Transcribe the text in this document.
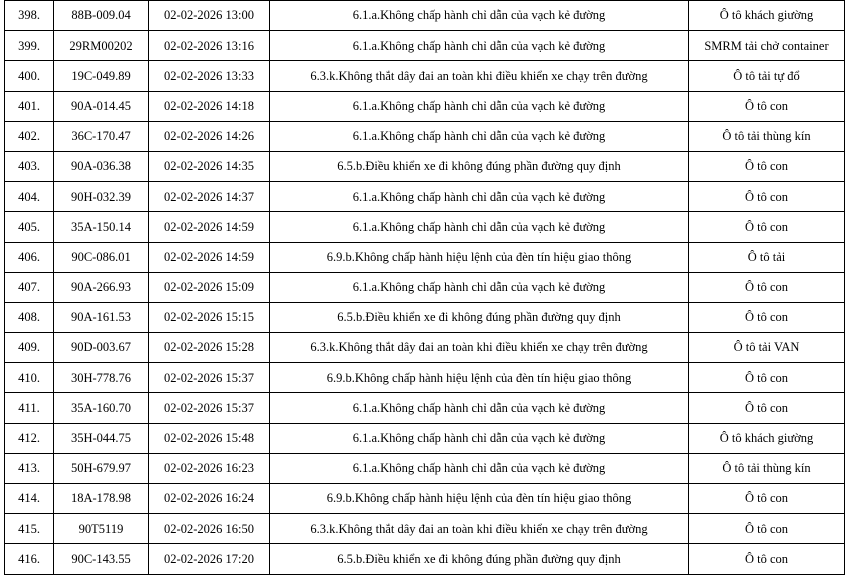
398.	88B-009.04	02-02-2026 13:00	6.1.a.Không chấp hành chỉ dẫn của vạch kẻ đường	Ô tô khách giường
399.	29RM00202	02-02-2026 13:16	6.1.a.Không chấp hành chỉ dẫn của vạch kẻ đường	SMRM tải chở container
400.	19C-049.89	02-02-2026 13:33	6.3.k.Không thắt dây đai an toàn khi điều khiển xe chạy trên đường	Ô tô tải tự đổ
401.	90A-014.45	02-02-2026 14:18	6.1.a.Không chấp hành chỉ dẫn của vạch kẻ đường	Ô tô con
402.	36C-170.47	02-02-2026 14:26	6.1.a.Không chấp hành chỉ dẫn của vạch kẻ đường	Ô tô tải thùng kín
403.	90A-036.38	02-02-2026 14:35	6.5.b.Điều khiển xe đi không đúng phần đường quy định	Ô tô con
404.	90H-032.39	02-02-2026 14:37	6.1.a.Không chấp hành chỉ dẫn của vạch kẻ đường	Ô tô con
405.	35A-150.14	02-02-2026 14:59	6.1.a.Không chấp hành chỉ dẫn của vạch kẻ đường	Ô tô con
406.	90C-086.01	02-02-2026 14:59	6.9.b.Không chấp hành hiệu lệnh của đèn tín hiệu giao thông	Ô tô tải
407.	90A-266.93	02-02-2026 15:09	6.1.a.Không chấp hành chỉ dẫn của vạch kẻ đường	Ô tô con
408.	90A-161.53	02-02-2026 15:15	6.5.b.Điều khiển xe đi không đúng phần đường quy định	Ô tô con
409.	90D-003.67	02-02-2026 15:28	6.3.k.Không thắt dây đai an toàn khi điều khiển xe chạy trên đường	Ô tô tải VAN
410.	30H-778.76	02-02-2026 15:37	6.9.b.Không chấp hành hiệu lệnh của đèn tín hiệu giao thông	Ô tô con
411.	35A-160.70	02-02-2026 15:37	6.1.a.Không chấp hành chỉ dẫn của vạch kẻ đường	Ô tô con
412.	35H-044.75	02-02-2026 15:48	6.1.a.Không chấp hành chỉ dẫn của vạch kẻ đường	Ô tô khách giường
413.	50H-679.97	02-02-2026 16:23	6.1.a.Không chấp hành chỉ dẫn của vạch kẻ đường	Ô tô tải thùng kín
414.	18A-178.98	02-02-2026 16:24	6.9.b.Không chấp hành hiệu lệnh của đèn tín hiệu giao thông	Ô tô con
415.	90T5119	02-02-2026 16:50	6.3.k.Không thắt dây đai an toàn khi điều khiển xe chạy trên đường	Ô tô con
416.	90C-143.55	02-02-2026 17:20	6.5.b.Điều khiển xe đi không đúng phần đường quy định	Ô tô con
